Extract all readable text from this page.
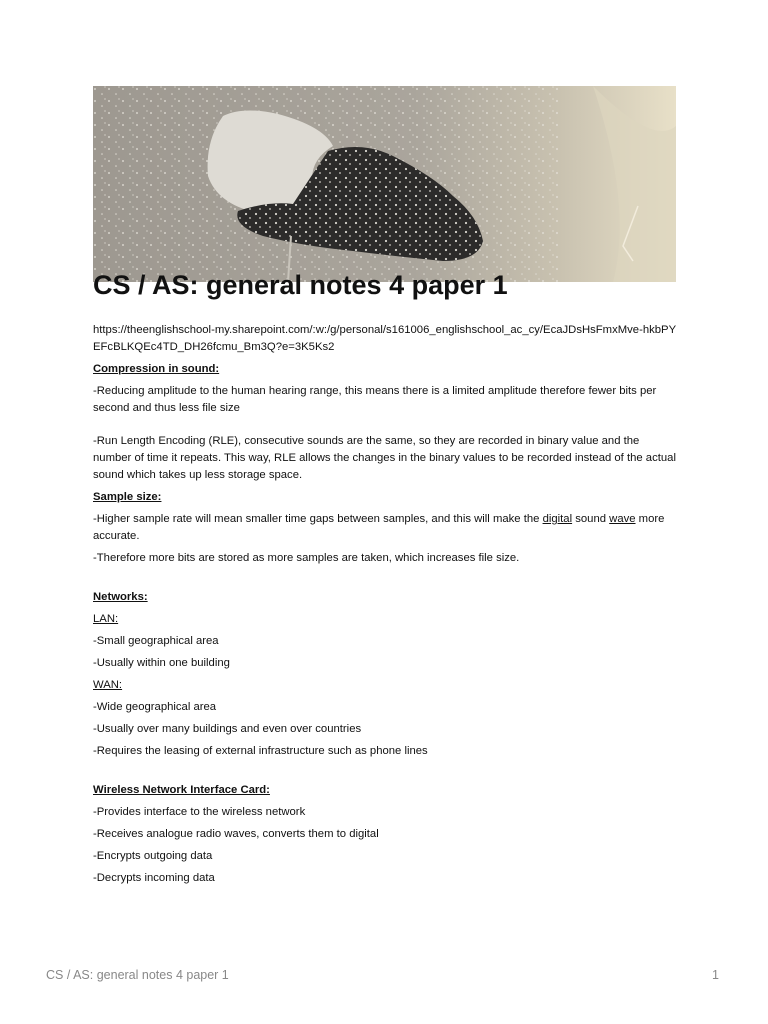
CS / AS: general notes 4 paper 1

https://theenglishschool-my.sharepoint.com/:w:/g/personal/s161006_englishschool_ac_cy/EcaJDsHsFmxMve-hkbPYEFcBLKQEc4TD_DH26fcmu_Bm3Q?e=3K5Ks2

Compression in sound:

-Reducing amplitude to the human hearing range, this means there is a limited amplitude therefore fewer bits per second and thus less file size

-Run Length Encoding (RLE), consecutive sounds are the same, so they are recorded in binary value and the number of time it repeats. This way, RLE allows the changes in the binary values to be recorded instead of the actual sound which takes up less storage space.

Sample size:

-Higher sample rate will mean smaller time gaps between samples, and this will make the digital sound wave more accurate.

-Therefore more bits are stored as more samples are taken, which increases file size.

Networks:

LAN:

-Small geographical area

-Usually within one building

WAN:

-Wide geographical area

-Usually over many buildings and even over countries

-Requires the leasing of external infrastructure such as phone lines

Wireless Network Interface Card:

-Provides interface to the wireless network

-Receives analogue radio waves, converts them to digital

-Encrypts outgoing data

-Decrypts incoming data

CS / AS: general notes 4 paper 1	1
